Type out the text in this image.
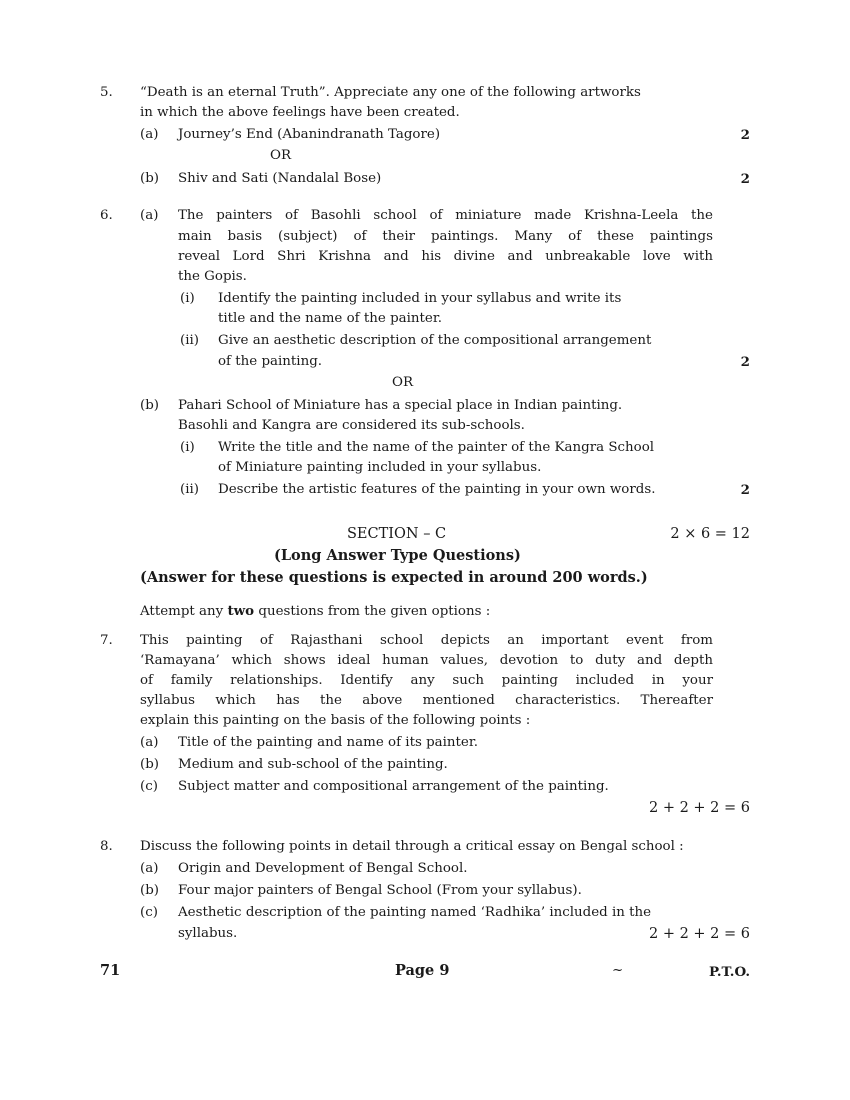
5. “Death is an eternal Truth”. Appreciate any one of the following artworks
in which the above feelings have been created.
(a) Journey’s End (Abanindranath Tagore)	2
OR
(b) Shiv and Sati (Nandalal Bose)	2
6. (a) The painters of Basohli school of miniature made Krishna-Leela the
main basis (subject) of their paintings. Many of these paintings
reveal Lord Shri Krishna and his divine and unbreakable love with
the Gopis.
(i) Identify the painting included in your syllabus and write its
title and the name of the painter.
(ii) Give an aesthetic description of the compositional arrangement
of the painting.	2
OR
(b) Pahari School of Miniature has a special place in Indian painting.
Basohli and Kangra are considered its sub-schools.
(i) Write the title and the name of the painter of the Kangra School
of Miniature painting included in your syllabus.
(ii) Describe the artistic features of the painting in your own words.	2
SECTION – C	2 × 6 = 12
(Long Answer Type Questions)
(Answer for these questions is expected in around 200 words.)
Attempt any two questions from the given options :
7. This painting of Rajasthani school depicts an important event from
‘Ramayana’ which shows ideal human values, devotion to duty and depth
of family relationships. Identify any such painting included in your
syllabus which has the above mentioned characteristics. Thereafter
explain this painting on the basis of the following points :
(a) Title of the painting and name of its painter.
(b) Medium and sub-school of the painting.
(c) Subject matter and compositional arrangement of the painting.
2 + 2 + 2 = 6
8. Discuss the following points in detail through a critical essay on Bengal school :
(a) Origin and Development of Bengal School.
(b) Four major painters of Bengal School (From your syllabus).
(c) Aesthetic description of the painting named ‘Radhika’ included in the
syllabus.	2 + 2 + 2 = 6
71	Page 9	~	P.T.O.
